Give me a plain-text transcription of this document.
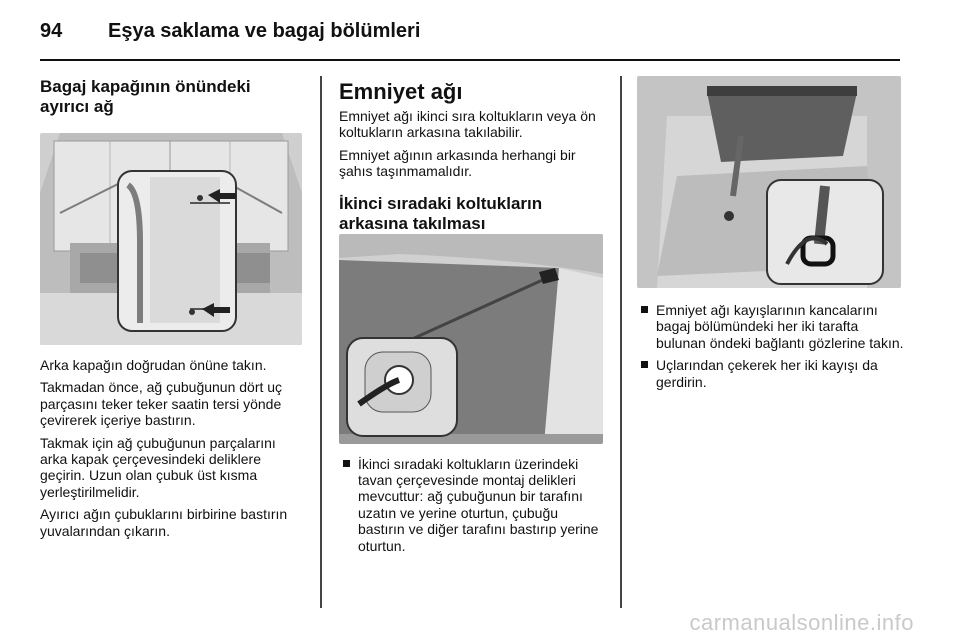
94 Eşya saklama ve bagaj bölümleri
Bagaj kapağının önündeki ayırıcı ağ

Arka kapağın doğrudan önüne takın.

Takmadan önce, ağ çubuğunun dört uç parçasını teker teker saatin tersi yönde çevirerek içeriye bastırın.

Takmak için ağ çubuğunun parçalarını arka kapak çerçevesindeki deliklere geçirin. Uzun olan çubuk üst kısma yerleştirilmelidir.

Ayırıcı ağın çubuklarını birbirine bastırın yuvalarından çıkarın.

Emniyet ağı

Emniyet ağı ikinci sıra koltukların veya ön koltukların arkasına takılabilir.

Emniyet ağının arkasında herhangi bir şahıs taşınmamalıdır.

İkinci sıradaki koltukların arkasına takılması
İkinci sıradaki koltukların üzerindeki tavan çerçevesinde montaj delikleri mevcuttur: ağ çubuğunun bir tarafını uzatın ve yerine oturtun, çubuğu bastırın ve diğer tarafını bastırıp yerine oturtun.
Emniyet ağı kayışlarının kancalarını bagaj bölümündeki her iki tarafta bulunan öndeki bağlantı gözlerine takın.
Uçlarından çekerek her iki kayışı da gerdirin.
carmanualsonline.info
